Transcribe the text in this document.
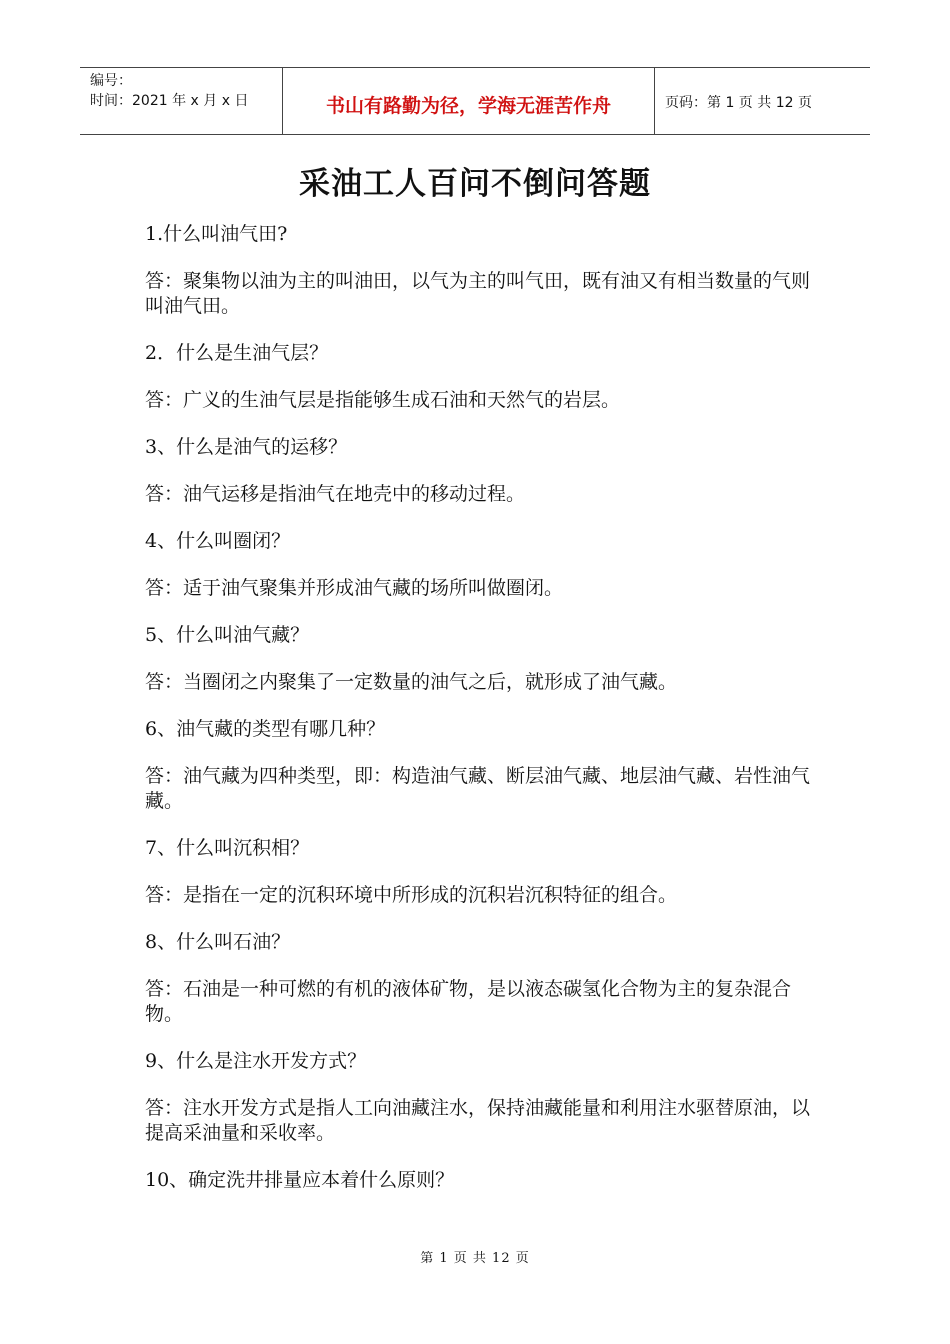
编号：
时间：2021 年 x 月 x 日	书山有路勤为径，学海无涯苦作舟	页码：第 1 页 共 12 页
采油工人百问不倒问答题

1.什么叫油气田?

答：聚集物以油为主的叫油田，以气为主的叫气田，既有油又有相当数量的气则叫油气田。

2．什么是生油气层？

答：广义的生油气层是指能够生成石油和天然气的岩层。

3、什么是油气的运移？

答：油气运移是指油气在地壳中的移动过程。

4、什么叫圈闭？

答：适于油气聚集并形成油气藏的场所叫做圈闭。

5、什么叫油气藏？

答：当圈闭之内聚集了一定数量的油气之后，就形成了油气藏。

6、油气藏的类型有哪几种？

答：油气藏为四种类型，即：构造油气藏、断层油气藏、地层油气藏、岩性油气藏。

7、什么叫沉积相？

答：是指在一定的沉积环境中所形成的沉积岩沉积特征的组合。

8、什么叫石油？

答：石油是一种可燃的有机的液体矿物，是以液态碳氢化合物为主的复杂混合物。

9、什么是注水开发方式？

答：注水开发方式是指人工向油藏注水，保持油藏能量和利用注水驱替原油，以提高采油量和采收率。

10、确定洗井排量应本着什么原则？

第 1 页 共 12 页
